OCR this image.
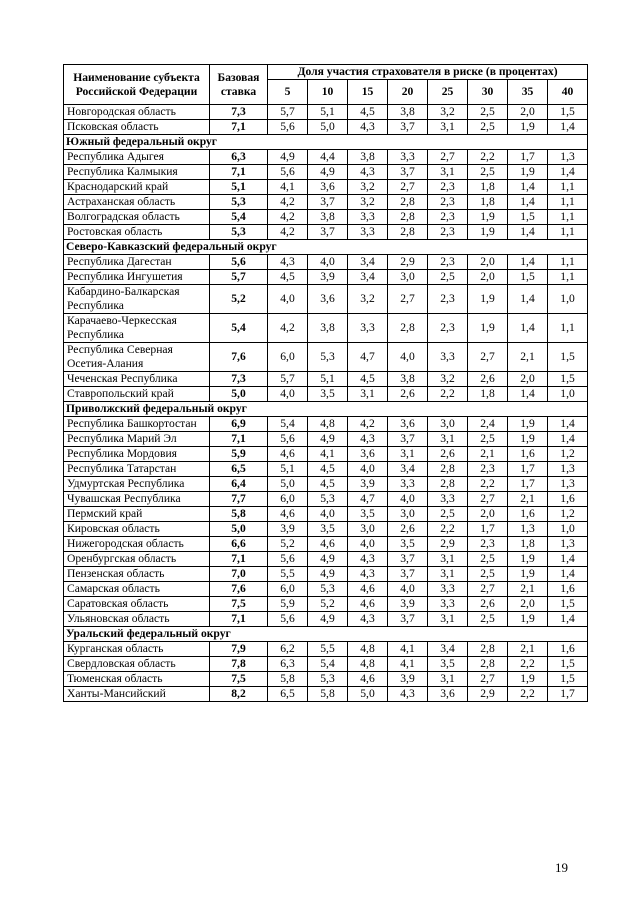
Наименование субъекта Российской Федерации	Базовая ставка	Доля участия страхователя в риске (в процентах)							
		5	10	15	20	25	30	35	40
Новгородская область	7,3	5,7	5,1	4,5	3,8	3,2	2,5	2,0	1,5
Псковская область	7,1	5,6	5,0	4,3	3,7	3,1	2,5	1,9	1,4
Южный федеральный округ									
Республика Адыгея	6,3	4,9	4,4	3,8	3,3	2,7	2,2	1,7	1,3
Республика Калмыкия	7,1	5,6	4,9	4,3	3,7	3,1	2,5	1,9	1,4
Краснодарский край	5,1	4,1	3,6	3,2	2,7	2,3	1,8	1,4	1,1
Астраханская область	5,3	4,2	3,7	3,2	2,8	2,3	1,8	1,4	1,1
Волгоградская область	5,4	4,2	3,8	3,3	2,8	2,3	1,9	1,5	1,1
Ростовская область	5,3	4,2	3,7	3,3	2,8	2,3	1,9	1,4	1,1
Северо-Кавказский федеральный округ									
Республика Дагестан	5,6	4,3	4,0	3,4	2,9	2,3	2,0	1,4	1,1
Республика Ингушетия	5,7	4,5	3,9	3,4	3,0	2,5	2,0	1,5	1,1
Кабардино-Балкарская Республика	5,2	4,0	3,6	3,2	2,7	2,3	1,9	1,4	1,0
Карачаево-Черкесская Республика	5,4	4,2	3,8	3,3	2,8	2,3	1,9	1,4	1,1
Республика Северная Осетия-Алания	7,6	6,0	5,3	4,7	4,0	3,3	2,7	2,1	1,5
Чеченская Республика	7,3	5,7	5,1	4,5	3,8	3,2	2,6	2,0	1,5
Ставропольский край	5,0	4,0	3,5	3,1	2,6	2,2	1,8	1,4	1,0
Приволжский федеральный округ									
Республика Башкортостан	6,9	5,4	4,8	4,2	3,6	3,0	2,4	1,9	1,4
Республика Марий Эл	7,1	5,6	4,9	4,3	3,7	3,1	2,5	1,9	1,4
Республика Мордовия	5,9	4,6	4,1	3,6	3,1	2,6	2,1	1,6	1,2
Республика Татарстан	6,5	5,1	4,5	4,0	3,4	2,8	2,3	1,7	1,3
Удмуртская Республика	6,4	5,0	4,5	3,9	3,3	2,8	2,2	1,7	1,3
Чувашская Республика	7,7	6,0	5,3	4,7	4,0	3,3	2,7	2,1	1,6
Пермский край	5,8	4,6	4,0	3,5	3,0	2,5	2,0	1,6	1,2
Кировская область	5,0	3,9	3,5	3,0	2,6	2,2	1,7	1,3	1,0
Нижегородская область	6,6	5,2	4,6	4,0	3,5	2,9	2,3	1,8	1,3
Оренбургская область	7,1	5,6	4,9	4,3	3,7	3,1	2,5	1,9	1,4
Пензенская область	7,0	5,5	4,9	4,3	3,7	3,1	2,5	1,9	1,4
Самарская область	7,6	6,0	5,3	4,6	4,0	3,3	2,7	2,1	1,6
Саратовская область	7,5	5,9	5,2	4,6	3,9	3,3	2,6	2,0	1,5
Ульяновская область	7,1	5,6	4,9	4,3	3,7	3,1	2,5	1,9	1,4
Уральский федеральный округ									
Курганская область	7,9	6,2	5,5	4,8	4,1	3,4	2,8	2,1	1,6
Свердловская область	7,8	6,3	5,4	4,8	4,1	3,5	2,8	2,2	1,5
Тюменская область	7,5	5,8	5,3	4,6	3,9	3,1	2,7	1,9	1,5
Ханты-Мансийский	8,2	6,5	5,8	5,0	4,3	3,6	2,9	2,2	1,7
19
